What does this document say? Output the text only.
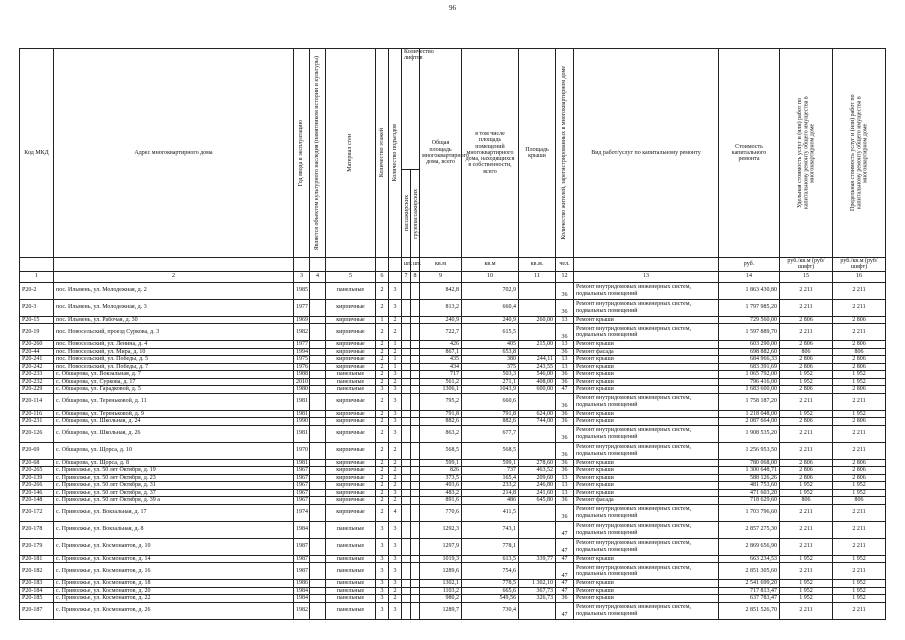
96
Код МКД	Адрес многоквартирного дома	Год ввода в эксплуатацию	Является объектом культурного наследия (памятником истории и культуры)	Материал стен	Количество этажей	Количество подъездов	Количество лифтов		Общая площадь многоквартирного дома, всего	в том числе площадь помещений многоквартирного дома, находящихся в собственности, всего	Площадь крыши	Количество жителей, зарегистрированных в многоквартирном доме	Вид работ/услуг по капитальному ремонту	Стоимость капитального ремонта	Удельная стоимость услуг и (или) работ по капитальному ремонту общего имущества в многоквартирном доме	Предельная стоимость услуг и (или) работ по капитальному ремонту общего имущества в многоквартирном доме

							пассажирских	грузопассажирских								

							шт.	шт.	кв.м	кв.м	кв.м.	чел.		руб.	руб./кв.м (руб/шифт)	руб./кв.м (руб/шифт)
1	2	3	4	5	6		7	8	9	10	11	12	13	14	15	16
Р20-2	пос. Ильмень, ул. Молодежная, д. 2	1985		панельные	2	3			842,8	702,9		36	Ремонт внутридомовых инженерных систем, подвальных помещений	1 863 430,80	2 211	2 211
Р20-3	пос. Ильмень, ул. Молодежная, д. 3	1977		кирпичные	2	3			813,2	660,4		36	Ремонт внутридомовых инженерных систем, подвальных помещений	1 797 985,20	2 211	2 211
Р20-15	пос. Ильмень, ул. Рабочая, д. 30	1969		кирпичные	1	2			240,9	240,9	260,00	13	Ремонт крыши	729 560,00	2 806	2 806
Р20-19	пос. Новосельский, проезд Суркова, д. 3	1982		кирпичные	2	2			722,7	615,5		36	Ремонт внутридомовых инженерных систем, подвальных помещений	1 597 889,70	2 211	2 211
Р20-260	пос. Новосельский, ул. Ленина, д. 4	1977		кирпичные	2	1			426	405	215,00	13	Ремонт крыши	603 290,00	2 806	2 806
Р20-44	пос. Новосельский, ул. Мира, д. 10	1994		кирпичные	2	2			867,1	653,8		36	Ремонт фасада	698 882,60	806	806
Р20-241	пос. Новосельский, ул. Победы, д. 5	1975		кирпичные	2	1			435	380	244,11	13	Ремонт крыши	684 966,33	2 806	2 806
Р20-242	пос. Новосельский, ул. Победы, д. 7	1976		кирпичные	2	1			434	375	243,55	13	Ремонт крыши	683 391,69	2 806	2 806
Р20-233	с. Обшарова, ул. Вокзальная, д. 7	1988		панельные	2	3			717	503,3	546,00	36	Ремонт крыши	1 065 792,00	1 952	1 952
Р20-232	с. Обшарова, ул. Суркова, д. 17	2010		панельные	2	2			561,2	271,1	408,00	36	Ремонт крыши	796 416,00	1 952	1 952
Р20-229	с. Обшарова, ул. Гарадковой, д. 5	1980		панельные	3	3			1306,1	1043,9	600,00	47	Ремонт крыши	1 683 600,00	2 806	2 806
Р20-114	с. Обшарова, ул. Тереньковой, д. 11	1981		кирпичные	2	3			795,2	660,6		36	Ремонт внутридомовых инженерных систем, подвальных помещений	1 758 187,20	2 211	2 211
Р20-116	с. Обшарова, ул. Тереньковой, д. 9	1981		кирпичные	2	3			791,8	791,8	624,00	36	Ремонт крыши	1 218 048,00	1 952	1 952
Р20-231	с. Обшарова, ул. Школьная, д. 24	1990		кирпичные	2	3			882,6	882,6	744,00	36	Ремонт крыши	2 087 664,00	2 806	2 806
Р20-126	с. Обшарова, ул. Школьная, д. 26	1981		кирпичные	2	3			863,2	677,7		36	Ремонт внутридомовых инженерных систем, подвальных помещений	1 908 535,20	2 211	2 211
Р20-69	с. Обшарова, ул. Щорса, д. 10	1970		кирпичные	2	2			568,5	568,5		36	Ремонт внутридомовых инженерных систем, подвальных помещений	1 256 953,50	2 211	2 211
Р20-68	с. Обшарова, ул. Щорса, д. 8	1981		кирпичные	2	2			599,1	599,1	278,60	36	Ремонт крыши	780 068,00	2 806	2 806
Р20-265	с. Приволжье, ул. 50 лет Октября, д. 19	1967		кирпичные	2	2			826	737	463,52	36	Ремонт крыши	1 300 648,71	2 806	2 806
Р20-139	с. Приволжье, ул. 50 лет Октября, д. 23	1967		кирпичные	2	2			373,5	165,4	209,60	13	Ремонт крыши	588 126,26	2 806	2 806
Р20-266	с. Приволжье, ул. 50 лет Октября, д. 31	1967		кирпичные	2	2			493,6	233,2	246,80	13	Ремонт крыши	481 753,60	1 952	1 952
Р20-146	с. Приволжье, ул. 50 лет Октября, д. 37	1967		кирпичные	2	3			483,2	214,8	241,60	13	Ремонт крыши	471 603,20	1 952	1 952
Р20-148	с. Приволжье, ул. 50 лет Октября, д. 39 а	1967		кирпичные	2	2			891,6	486	645,80	36	Ремонт фасада	718 629,60	806	806
Р20-172	с. Приволжье, ул. Вокзальная, д. 17	1974		кирпичные	2	4			770,6	411,5		36	Ремонт внутридомовых инженерных систем, подвальных помещений	1 703 796,60	2 211	2 211
Р20-178	с. Приволжье, ул. Вокзальная, д. 8	1984		панельные	3	3			1292,3	743,1		47	Ремонт внутридомовых инженерных систем, подвальных помещений	2 857 275,30	2 211	2 211
Р20-179	с. Приволжье, ул. Космонавтов, д. 10	1987		панельные	3	3			1297,9	778,1		47	Ремонт внутридомовых инженерных систем, подвальных помещений	2 869 656,90	2 211	2 211
Р20-181	с. Приволжье, ул. Космонавтов, д. 14	1987		панельные	3	3			1019,3	613,5	339,77	47	Ремонт крыши	663 234,53	1 952	1 952
Р20-182	с. Приволжье, ул. Космонавтов, д. 16	1987		панельные	3	3			1289,6	754,6		47	Ремонт внутридомовых инженерных систем, подвальных помещений	2 851 305,60	2 211	2 211
Р20-183	с. Приволжье, ул. Космонавтов, д. 18	1986		панельные	3	3			1302,1	778,5	1 302,10	47	Ремонт крыши	2 541 699,20	1 952	1 952
Р20-184	с. Приволжье, ул. Космонавтов, д. 20	1984		панельные	3	2			1103,2	665,6	367,73	47	Ремонт крыши	717 813,47	1 952	1 952
Р20-185	с. Приволжье, ул. Космонавтов, д. 22	1984		панельные	3	2			980,2	549,56	326,73	36	Ремонт крыши	637 783,47	1 952	1 952
Р20-187	с. Приволжье, ул. Космонавтов, д. 26	1982		панельные	3	3			1289,7	730,4		47	Ремонт внутридомовых инженерных систем, подвальных помещений	2 851 526,70	2 211	2 211
